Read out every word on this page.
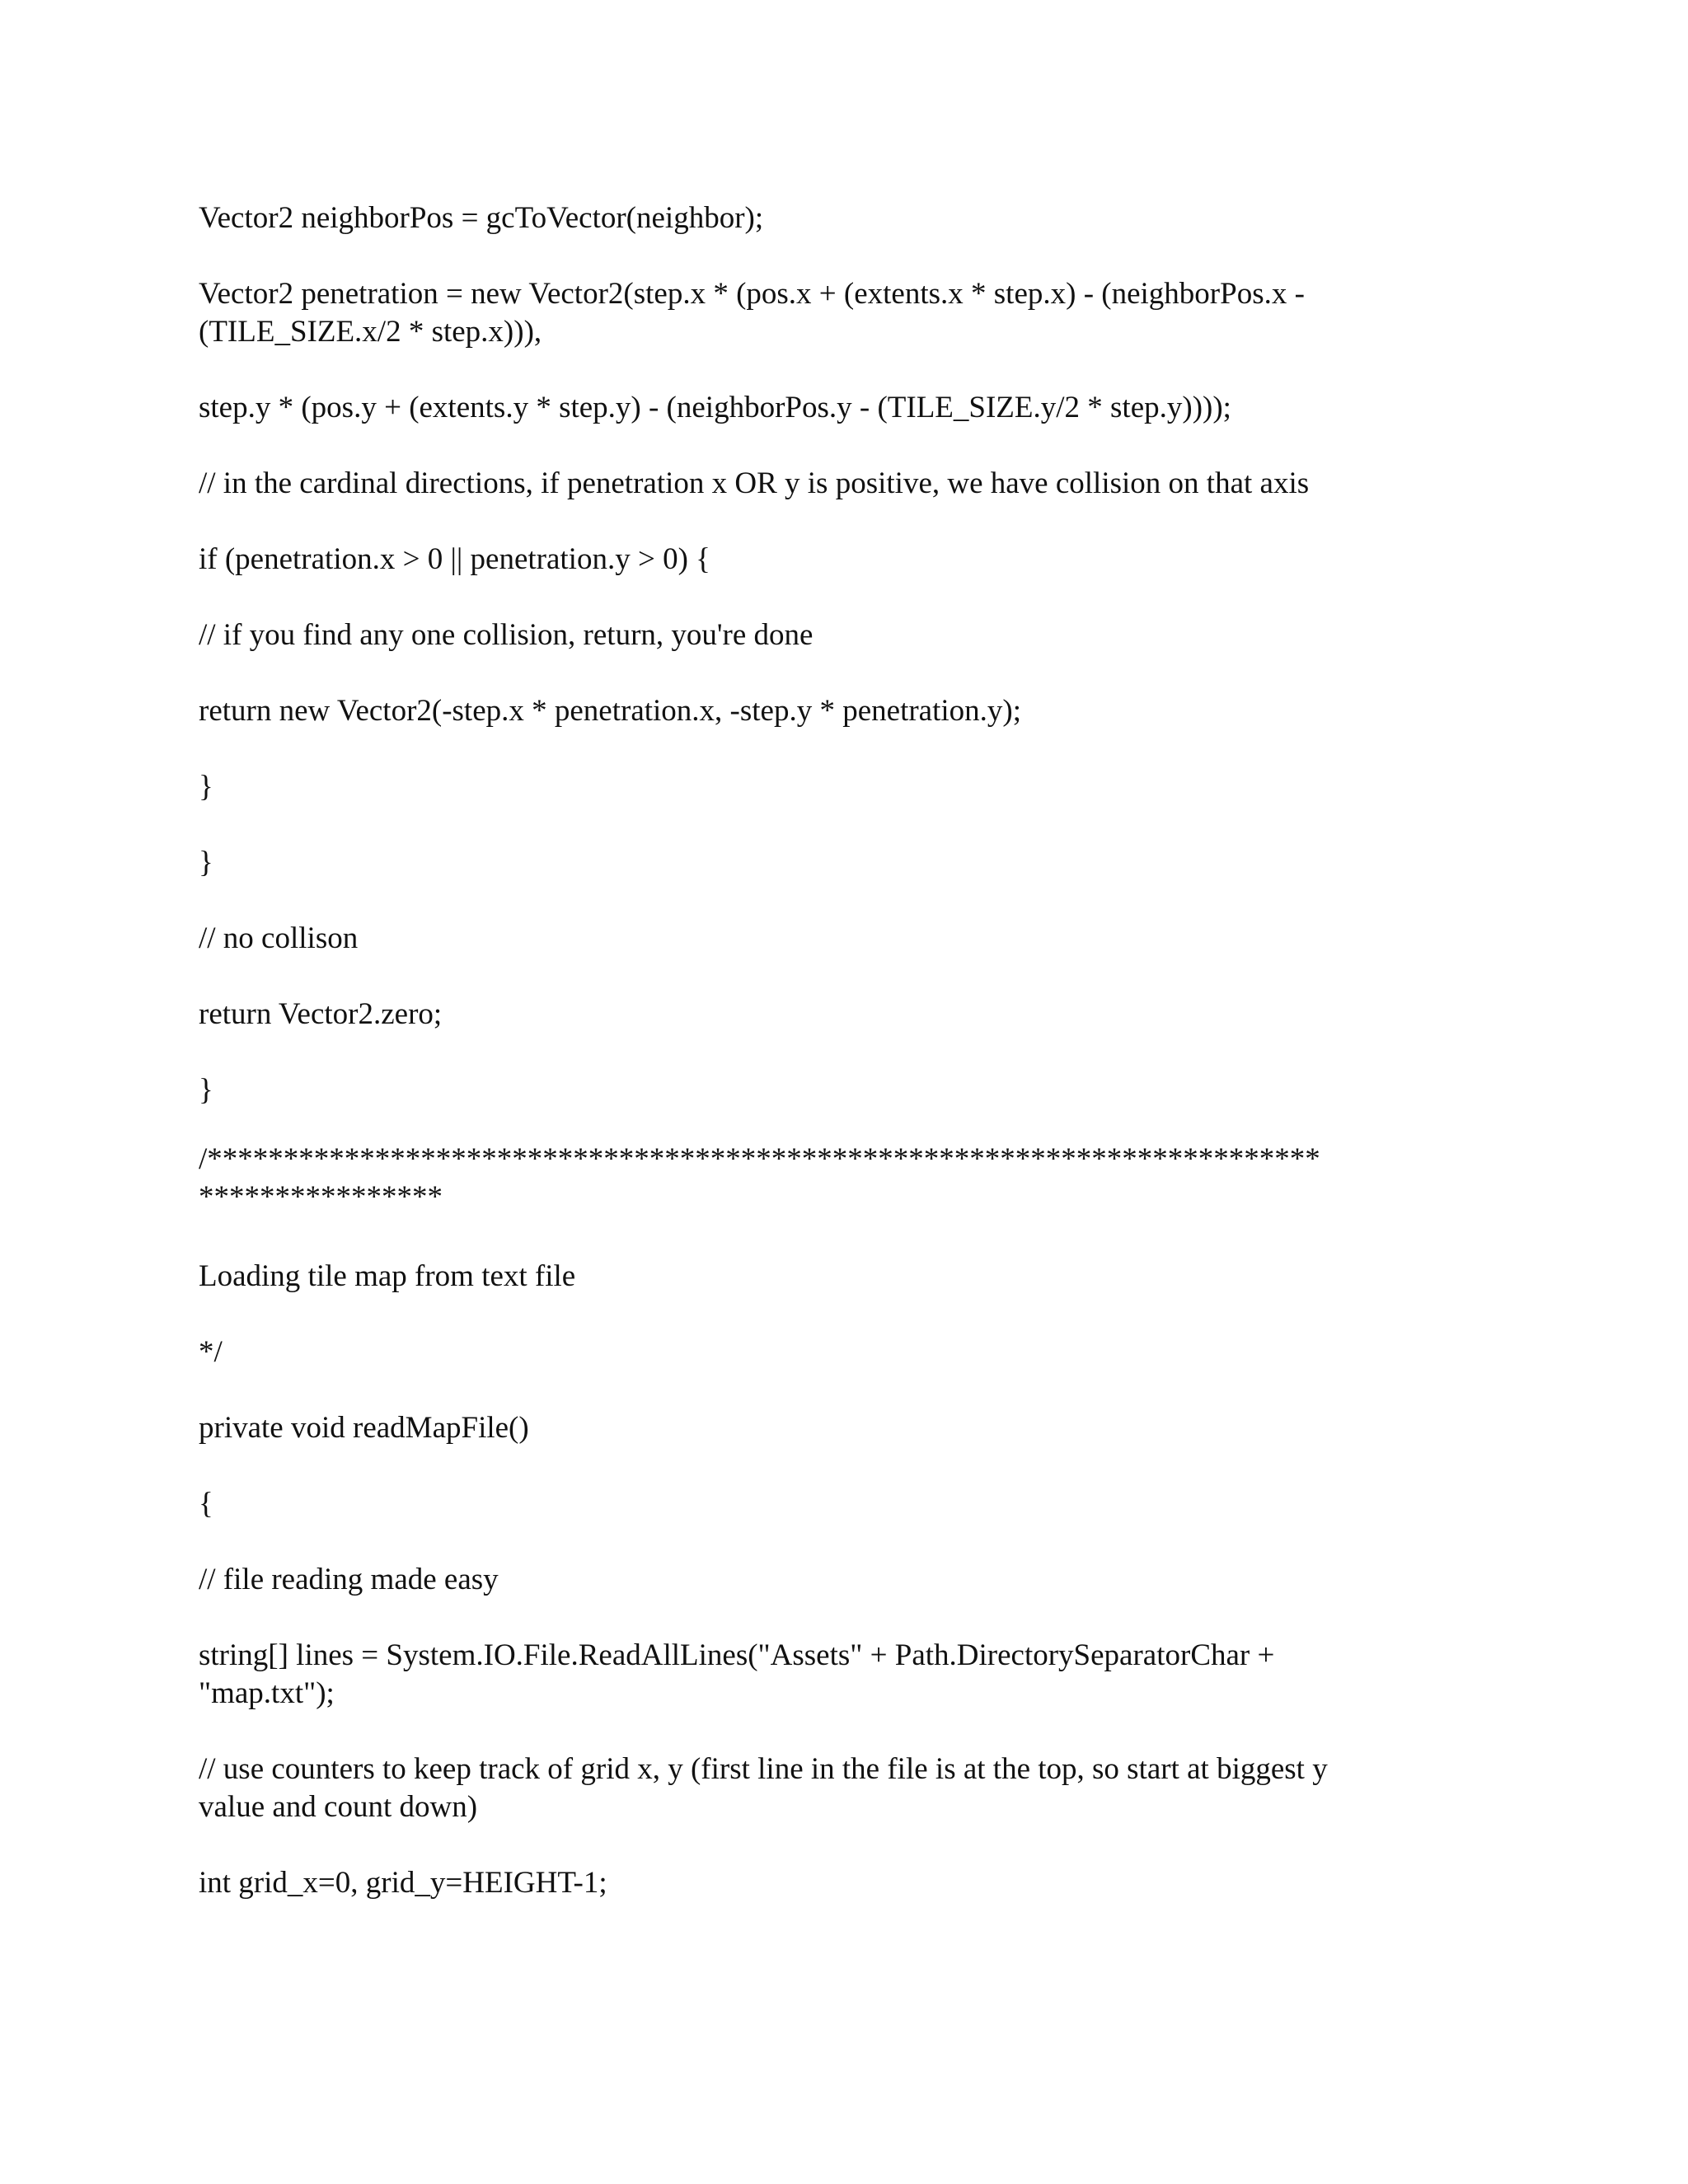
Vector2 neighborPos = gcToVector(neighbor);

Vector2 penetration = new Vector2(step.x * (pos.x + (extents.x * step.x) - (neighborPos.x -
(TILE_SIZE.x/2 * step.x))),

step.y * (pos.y + (extents.y * step.y) - (neighborPos.y - (TILE_SIZE.y/2 * step.y))));

// in the cardinal directions, if penetration x OR y is positive, we have collision on that axis

if (penetration.x > 0 || penetration.y > 0) {

// if you find any one collision, return, you're done

return new Vector2(-step.x * penetration.x, -step.y * penetration.y);

}

}

// no collison

return Vector2.zero;

}

/*************************************************************************
****************

Loading tile map from text file

*/

private void readMapFile()

{

// file reading made easy

string[] lines = System.IO.File.ReadAllLines("Assets" + Path.DirectorySeparatorChar +
"map.txt");

// use counters to keep track of grid x, y (first line in the file is at the top, so start at biggest y
value and count down)

int grid_x=0, grid_y=HEIGHT-1;
